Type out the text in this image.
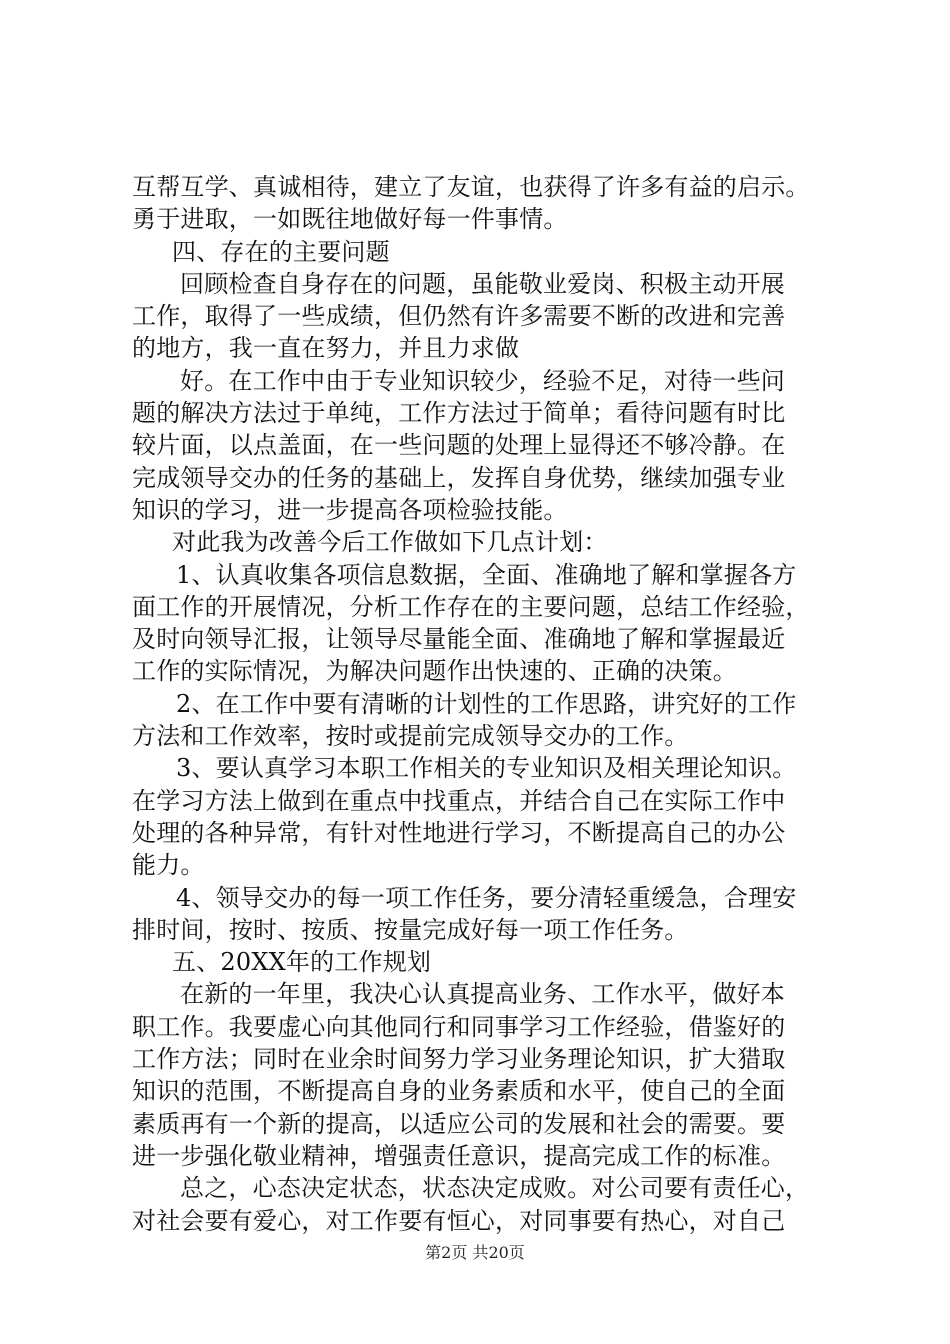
互帮互学、真诚相待，建立了友谊，也获得了许多有益的启示。
勇于进取，一如既往地做好每一件事情。
四、存在的主要问题
回顾检查自身存在的问题，虽能敬业爱岗、积极主动开展
工作，取得了一些成绩，但仍然有许多需要不断的改进和完善
的地方，我一直在努力，并且力求做
好。在工作中由于专业知识较少，经验不足，对待一些问
题的解决方法过于单纯，工作方法过于简单；看待问题有时比
较片面，以点盖面，在一些问题的处理上显得还不够冷静。在
完成领导交办的任务的基础上，发挥自身优势，继续加强专业
知识的学习，进一步提高各项检验技能。
对此我为改善今后工作做如下几点计划：
1、认真收集各项信息数据，全面、准确地了解和掌握各方
面工作的开展情况，分析工作存在的主要问题，总结工作经验，
及时向领导汇报，让领导尽量能全面、准确地了解和掌握最近
工作的实际情况，为解决问题作出快速的、正确的决策。
2、在工作中要有清晰的计划性的工作思路，讲究好的工作
方法和工作效率，按时或提前完成领导交办的工作。
3、要认真学习本职工作相关的专业知识及相关理论知识。
在学习方法上做到在重点中找重点，并结合自己在实际工作中
处理的各种异常，有针对性地进行学习，不断提高自己的办公
能力。
4、领导交办的每一项工作任务，要分清轻重缓急，合理安
排时间，按时、按质、按量完成好每一项工作任务。
五、20XX年的工作规划
在新的一年里，我决心认真提高业务、工作水平，做好本
职工作。我要虚心向其他同行和同事学习工作经验，借鉴好的
工作方法；同时在业余时间努力学习业务理论知识，扩大猎取
知识的范围，不断提高自身的业务素质和水平，使自己的全面
素质再有一个新的提高，以适应公司的发展和社会的需要。要
进一步强化敬业精神，增强责任意识，提高完成工作的标准。
总之，心态决定状态，状态决定成败。对公司要有责任心，
对社会要有爱心，对工作要有恒心，对同事要有热心，对自己
第2页 共20页
